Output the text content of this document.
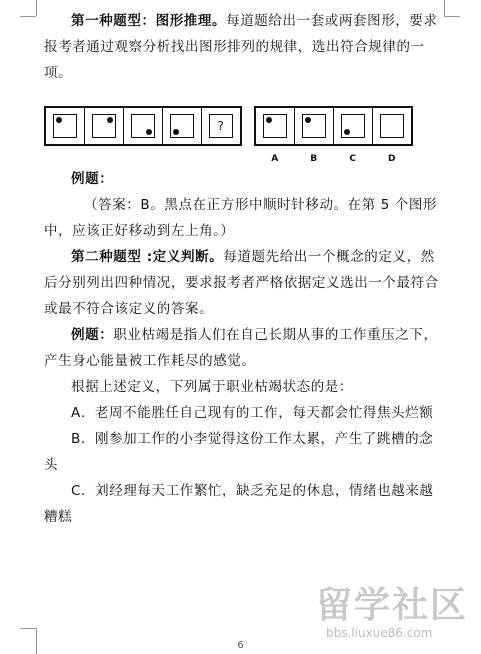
第一种题型：图形推理。每道题给出一套或两套图形，要求报考者通过观察分析找出图形排列的规律，选出符合规律的一项。

?
A	B	C	D

例题：

（答案：B。黑点在正方形中顺时针移动。在第 5 个图形中，应该正好移动到左上角。）

第二种题型 :定义判断。每道题先给出一个概念的定义，然后分别列出四种情况，要求报考者严格依据定义选出一个最符合或最不符合该定义的答案。

例题：职业枯竭是指人们在自己长期从事的工作重压之下，产生身心能量被工作耗尽的感觉。

根据上述定义，下列属于职业枯竭状态的是：

A．老周不能胜任自己现有的工作，每天都会忙得焦头烂额

B．刚参加工作的小李觉得这份工作太累，产生了跳槽的念头

C．刘经理每天工作繁忙，缺乏充足的休息，情绪也越来越糟糕

留学社区
bbs.liuxue86.com
6
